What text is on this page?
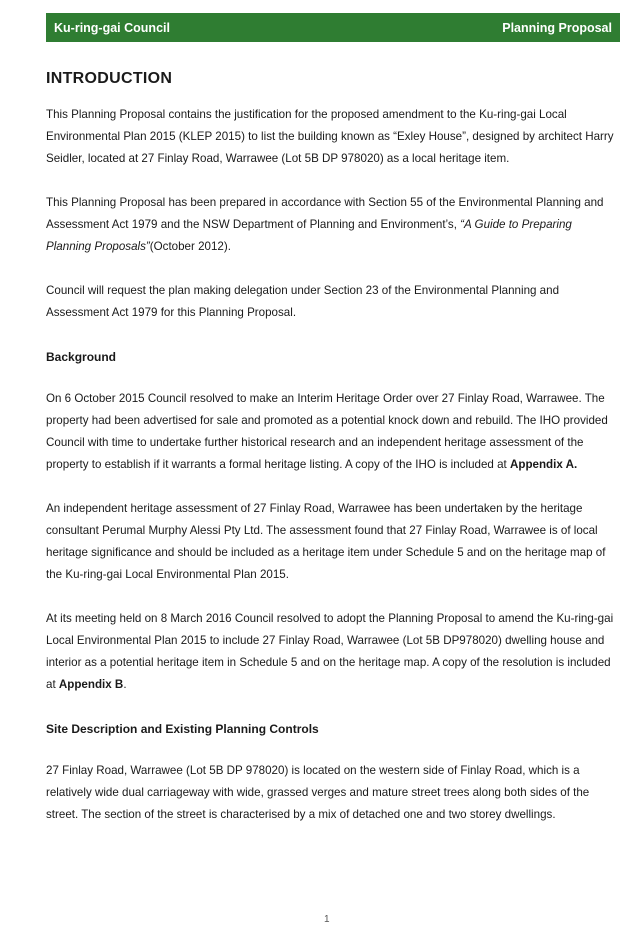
Ku-ring-gai Council	Planning Proposal
INTRODUCTION

This Planning Proposal contains the justification for the proposed amendment to the Ku-ring-gai Local Environmental Plan 2015 (KLEP 2015) to list the building known as “Exley House”, designed by architect Harry Seidler, located at 27 Finlay Road, Warrawee (Lot 5B DP 978020) as a local heritage item.

This Planning Proposal has been prepared in accordance with Section 55 of the Environmental Planning and Assessment Act 1979 and the NSW Department of Planning and Environment’s, “A Guide to Preparing Planning Proposals”(October 2012).

Council will request the plan making delegation under Section 23 of the Environmental Planning and Assessment Act 1979 for this Planning Proposal.

Background

On 6 October 2015 Council resolved to make an Interim Heritage Order over 27 Finlay Road, Warrawee. The property had been advertised for sale and promoted as a potential knock down and rebuild. The IHO provided Council with time to undertake further historical research and an independent heritage assessment of the property to establish if it warrants a formal heritage listing. A copy of the IHO is included at Appendix A.

An independent heritage assessment of 27 Finlay Road, Warrawee has been undertaken by the heritage consultant Perumal Murphy Alessi Pty Ltd. The assessment found that 27 Finlay Road, Warrawee is of local heritage significance and should be included as a heritage item under Schedule 5 and on the heritage map of the Ku-ring-gai Local Environmental Plan 2015.

At its meeting held on 8 March 2016 Council resolved to adopt the Planning Proposal to amend the Ku-ring-gai Local Environmental Plan 2015 to include 27 Finlay Road, Warrawee (Lot 5B DP978020) dwelling house and interior as a potential heritage item in Schedule 5 and on the heritage map. A copy of the resolution is included at Appendix B.

Site Description and Existing Planning Controls

27 Finlay Road, Warrawee (Lot 5B DP 978020) is located on the western side of Finlay Road, which is a relatively wide dual carriageway with wide, grassed verges and mature street trees along both sides of the street. The section of the street is characterised by a mix of detached one and two storey dwellings.

1
